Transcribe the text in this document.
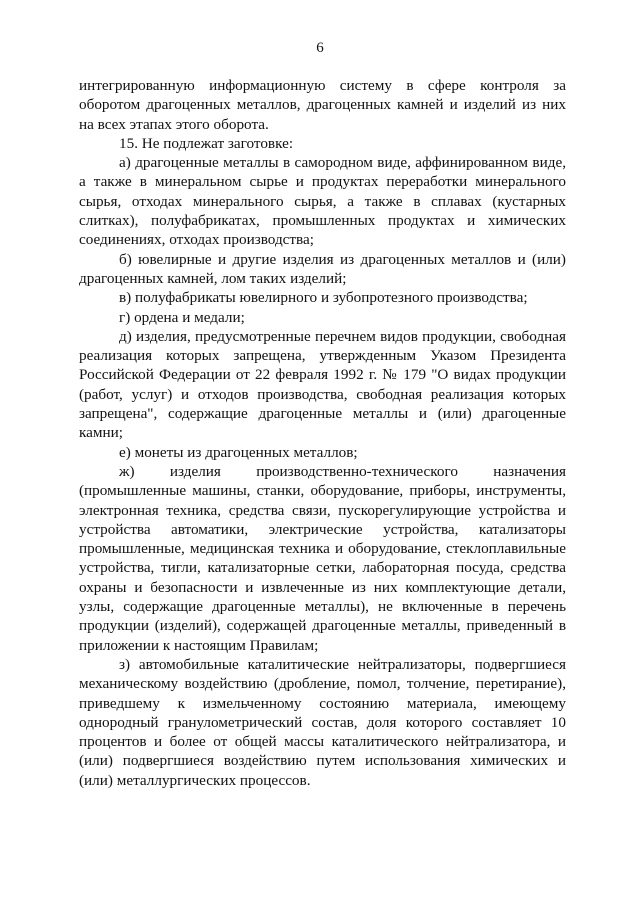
6

интегрированную информационную систему в сфере контроля за оборотом драгоценных металлов, драгоценных камней и изделий из них на всех этапах этого оборота.

15. Не подлежат заготовке:

а) драгоценные металлы в самородном виде, аффинированном виде, а также в минеральном сырье и продуктах переработки минерального сырья, отходах минерального сырья, а также в сплавах (кустарных слитках), полуфабрикатах, промышленных продуктах и химических соединениях, отходах производства;

б) ювелирные и другие изделия из драгоценных металлов и (или) драгоценных камней, лом таких изделий;

в) полуфабрикаты ювелирного и зубопротезного производства;

г) ордена и медали;

д) изделия, предусмотренные перечнем видов продукции, свободная реализация которых запрещена, утвержденным Указом Президента Российской Федерации от 22 февраля 1992 г. № 179 "О видах продукции (работ, услуг) и отходов производства, свободная реализация которых запрещена", содержащие драгоценные металлы и (или) драгоценные камни;

е) монеты из драгоценных металлов;

ж) изделия производственно-технического назначения (промышленные машины, станки, оборудование, приборы, инструменты, электронная техника, средства связи, пускорегулирующие устройства и устройства автоматики, электрические устройства, катализаторы промышленные, медицинская техника и оборудование, стеклоплавильные устройства, тигли, катализаторные сетки, лабораторная посуда, средства охраны и безопасности и извлеченные из них комплектующие детали, узлы, содержащие драгоценные металлы), не включенные в перечень продукции (изделий), содержащей драгоценные металлы, приведенный в приложении к настоящим Правилам;

з) автомобильные каталитические нейтрализаторы, подвергшиеся механическому воздействию (дробление, помол, толчение, перетирание), приведшему к измельченному состоянию материала, имеющему однородный гранулометрический состав, доля которого составляет 10 процентов и более от общей массы каталитического нейтрализатора, и (или) подвергшиеся воздействию путем использования химических и (или) металлургических процессов.
